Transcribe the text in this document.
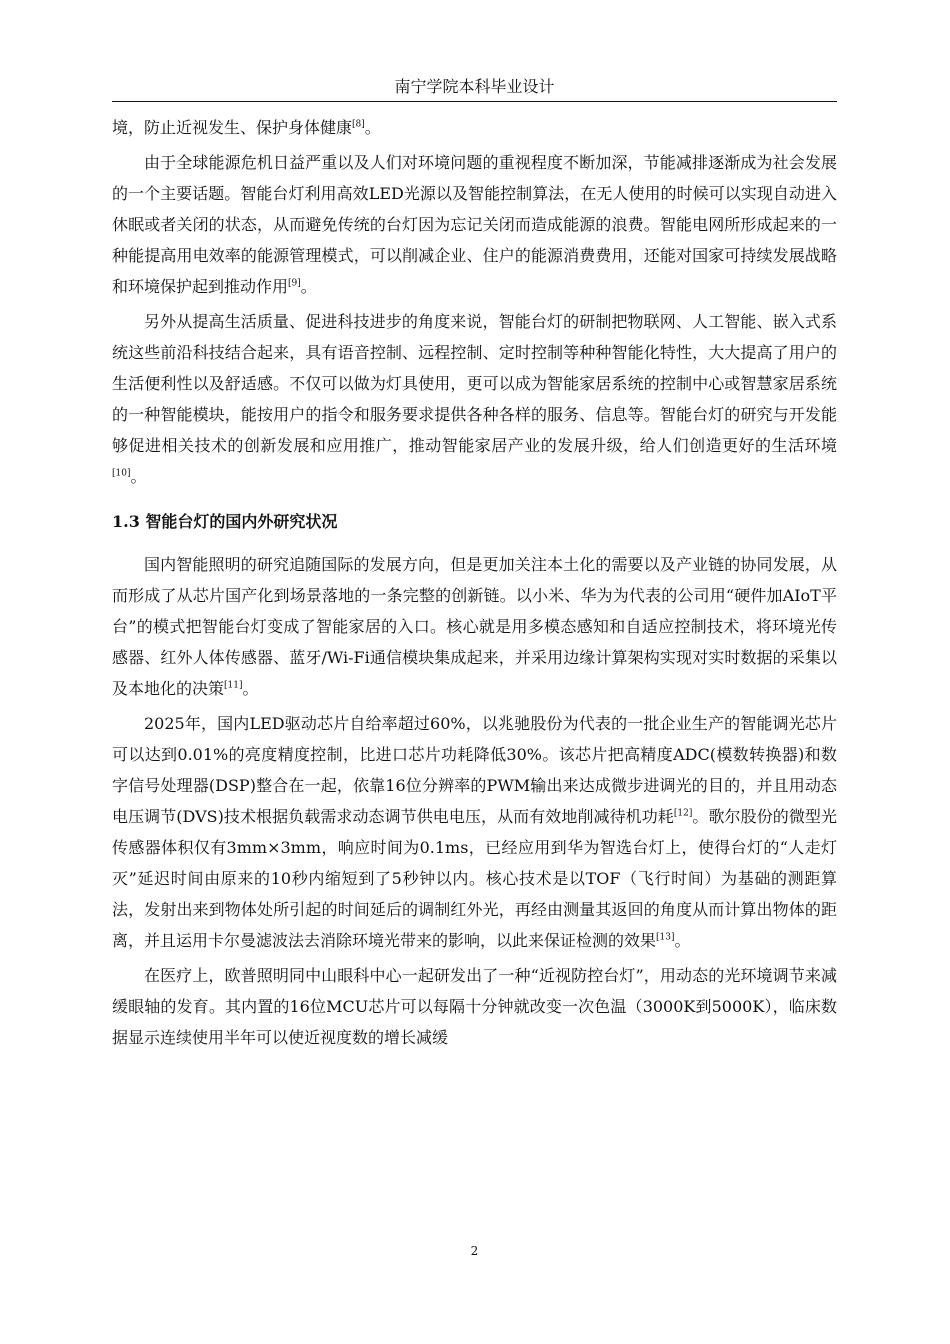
南宁学院本科毕业设计

境，防止近视发生、保护身体健康[8]。

由于全球能源危机日益严重以及人们对环境问题的重视程度不断加深，节能减排逐渐成为社会发展的一个主要话题。智能台灯利用高效LED光源以及智能控制算法，在无人使用的时候可以实现自动进入休眠或者关闭的状态，从而避免传统的台灯因为忘记关闭而造成能源的浪费。智能电网所形成起来的一种能提高用电效率的能源管理模式，可以削减企业、住户的能源消费费用，还能对国家可持续发展战略和环境保护起到推动作用[9]。

另外从提高生活质量、促进科技进步的角度来说，智能台灯的研制把物联网、人工智能、嵌入式系统这些前沿科技结合起来，具有语音控制、远程控制、定时控制等种种智能化特性，大大提高了用户的生活便利性以及舒适感。不仅可以做为灯具使用，更可以成为智能家居系统的控制中心或智慧家居系统的一种智能模块，能按用户的指令和服务要求提供各种各样的服务、信息等。智能台灯的研究与开发能够促进相关技术的创新发展和应用推广，推动智能家居产业的发展升级，给人们创造更好的生活环境[10]。

1.3 智能台灯的国内外研究状况

国内智能照明的研究追随国际的发展方向，但是更加关注本土化的需要以及产业链的协同发展，从而形成了从芯片国产化到场景落地的一条完整的创新链。以小米、华为为代表的公司用“硬件加AIoT平台”的模式把智能台灯变成了智能家居的入口。核心就是用多模态感知和自适应控制技术，将环境光传感器、红外人体传感器、蓝牙/Wi-Fi通信模块集成起来，并采用边缘计算架构实现对实时数据的采集以及本地化的决策[11]。

2025年，国内LED驱动芯片自给率超过60%，以兆驰股份为代表的一批企业生产的智能调光芯片可以达到0.01%的亮度精度控制，比进口芯片功耗降低30%。该芯片把高精度ADC(模数转换器)和数字信号处理器(DSP)整合在一起，依靠16位分辨率的PWM输出来达成微步进调光的目的，并且用动态电压调节(DVS)技术根据负载需求动态调节供电电压，从而有效地削减待机功耗[12]。歌尔股份的微型光传感器体积仅有3mm×3mm，响应时间为0.1ms，已经应用到华为智选台灯上，使得台灯的“人走灯灭”延迟时间由原来的10秒内缩短到了5秒钟以内。核心技术是以TOF（飞行时间）为基础的测距算法，发射出来到物体处所引起的时间延后的调制红外光，再经由测量其返回的角度从而计算出物体的距离，并且运用卡尔曼滤波法去消除环境光带来的影响，以此来保证检测的效果[13]。

在医疗上，欧普照明同中山眼科中心一起研发出了一种“近视防控台灯”，用动态的光环境调节来减缓眼轴的发育。其内置的16位MCU芯片可以每隔十分钟就改变一次色温（3000K到5000K），临床数据显示连续使用半年可以使近视度数的增长减缓

2
